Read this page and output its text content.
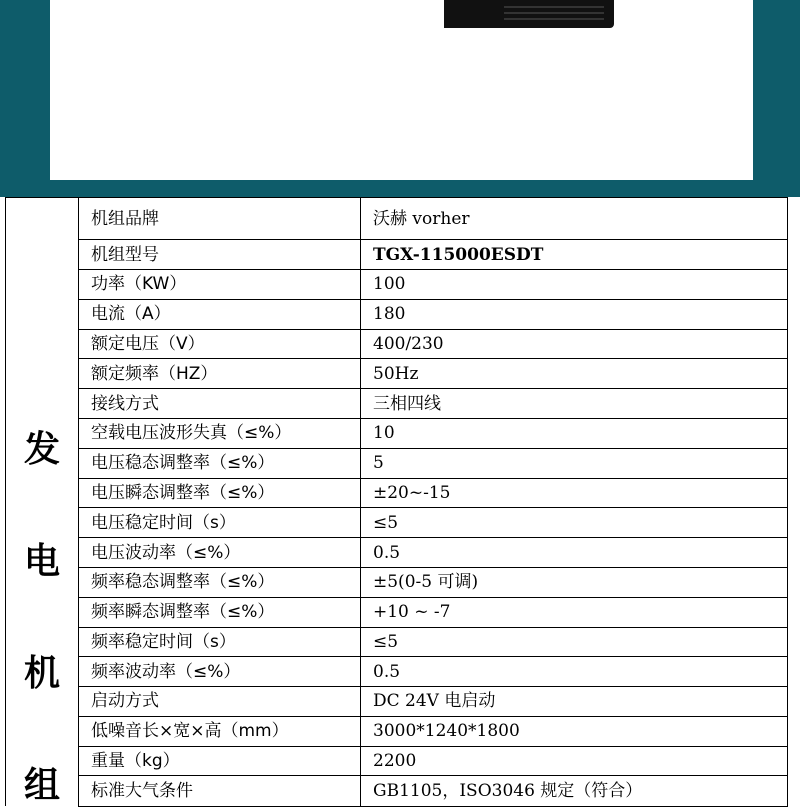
发
电
机
组	机组品牌	沃赫 vorher
	机组型号	TGX-115000ESDT
	功率（KW）	100
	电流（A）	180
	额定电压（V）	400/230
	额定频率（HZ）	50Hz
	接线方式	三相四线
	空载电压波形失真（≤%）	10
	电压稳态调整率（≤%）	5
	电压瞬态调整率（≤%）	±20~-15
	电压稳定时间（s）	≤5
	电压波动率（≤%）	0.5
	频率稳态调整率（≤%）	±5(0-5 可调)
	频率瞬态调整率（≤%）	+10 ~ -7
	频率稳定时间（s）	≤5
	频率波动率（≤%）	0.5
	启动方式	DC 24V 电启动
	低噪音长×宽×高（mm）	3000*1240*1800
	重量（kg）	2200
	标准大气条件	GB1105，ISO3046 规定（符合）
